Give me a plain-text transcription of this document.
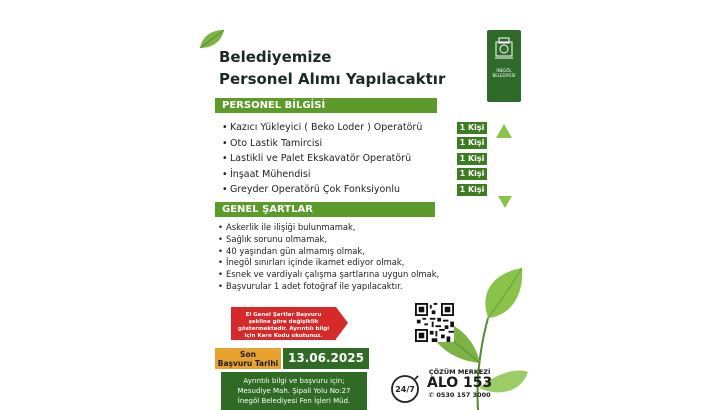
Belediyemize
Personel Alımı Yapılacaktır	İNEGÖL
BELEDİYESİ
PERSONEL BİLGİSİ
• Kazıcı Yükleyici ( Beko Loder ) Operatörü	1 Kişi
• Oto Lastik Tamircisi	1 Kişi
• Lastikli ve Palet Ekskavatör Operatörü	1 Kişi
• İnşaat Mühendisi	1 Kişi
• Greyder Operatörü Çok Fonksiyonlu	1 Kişi
GENEL ŞARTLAR
• Askerlik ile ilişiği bulunmamak,
• Sağlık sorunu olmamak,
• 40 yaşından gün almamış olmak,
• İnegöl sınırları içinde ikamet ediyor olmak,
• Esnek ve vardiyalı çalışma şartlarına uygun olmak,
• Başvurular 1 adet fotoğraf ile yapılacaktır.
El Genel Şartlar Başvuru şekline göre değişiklik göstermektedir. Ayrıntılı bilgi için Kare Kodu okutunuz.
Son
Başvuru Tarihi 13.06.2025
Ayrıntılı bilgi ve başvuru için;
Mesudiye Mah. Şipali Yolu No:27
İnegöl Belediyesi Fen İşleri Müd.
24/7
ÇÖZÜM MERKEZİ
ALO 153
✆ 0530 157 3000
